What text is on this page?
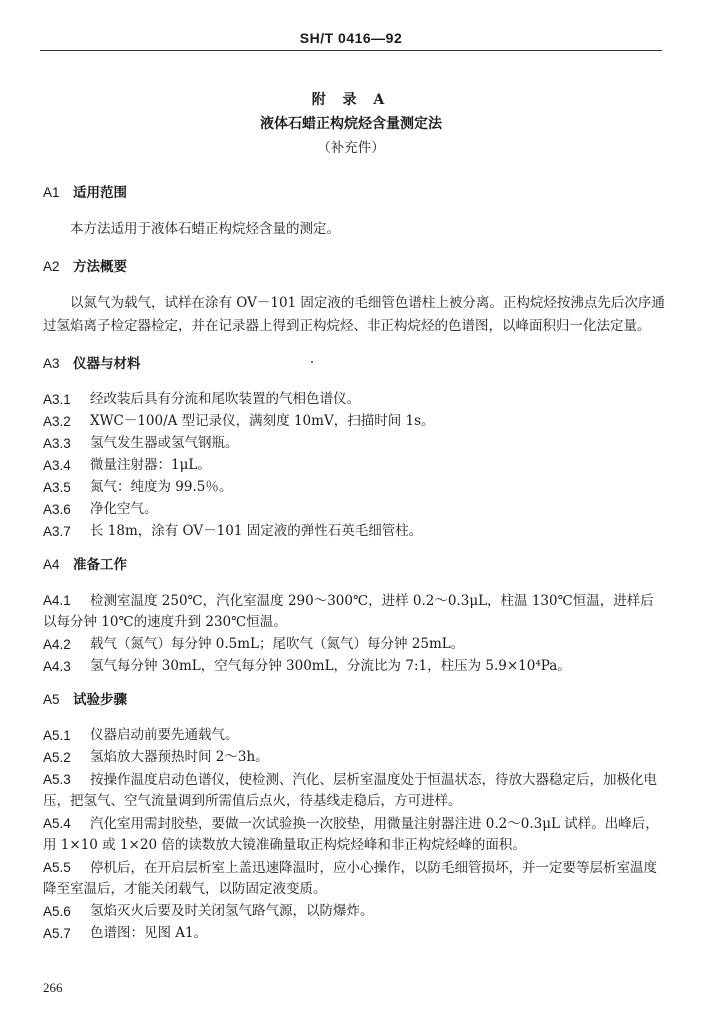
SH/T 0416—92
附 录 A
液体石蜡正构烷烃含量测定法
（补充件）
A1 适用范围
本方法适用于液体石蜡正构烷烃含量的测定。
A2 方法概要
以氮气为载气，试样在涂有 OV－101 固定液的毛细管色谱柱上被分离。正构烷烃按沸点先后次序通过氢焰离子检定器检定，并在记录器上得到正构烷烃、非正构烷烃的色谱图，以峰面积归一化法定量。
A3 仪器与材料
A3.1	经改装后具有分流和尾吹装置的气相色谱仪。
A3.2	XWC－100/A 型记录仪，满刻度 10mV，扫描时间 1s。
A3.3	氢气发生器或氢气钢瓶。
A3.4	微量注射器：1μL。
A3.5	氮气：纯度为 99.5％。
A3.6	净化空气。
A3.7	长 18m，涂有 OV－101 固定液的弹性石英毛细管柱。
A4 准备工作
A4.1 检测室温度 250℃，汽化室温度 290～300℃，进样 0.2～0.3μL，柱温 130℃恒温，进样后以每分钟 10℃的速度升到 230℃恒温。
A4.2	载气（氮气）每分钟 0.5mL；尾吹气（氮气）每分钟 25mL。
A4.3	氢气每分钟 30mL，空气每分钟 300mL，分流比为 7:1，柱压为 5.9×10⁴Pa。
A5 试验步骤
A5.1	仪器启动前要先通载气。
A5.2	氢焰放大器预热时间 2～3h。
A5.3 按操作温度启动色谱仪，使检测、汽化、层析室温度处于恒温状态，待放大器稳定后，加极化电压，把氢气、空气流量调到所需值后点火，待基线走稳后，方可进样。
A5.4 汽化室用需封胶垫，要做一次试验换一次胶垫，用微量注射器注进 0.2～0.3μL 试样。出峰后，用 1×10 或 1×20 倍的读数放大镜准确量取正构烷烃峰和非正构烷烃峰的面积。
A5.5 停机后，在开启层析室上盖迅速降温时，应小心操作，以防毛细管损坏，并一定要等层析室温度降至室温后，才能关闭载气，以防固定液变质。
A5.6	氢焰灭火后要及时关闭氢气路气源，以防爆炸。
A5.7	色谱图：见图 A1。
266
